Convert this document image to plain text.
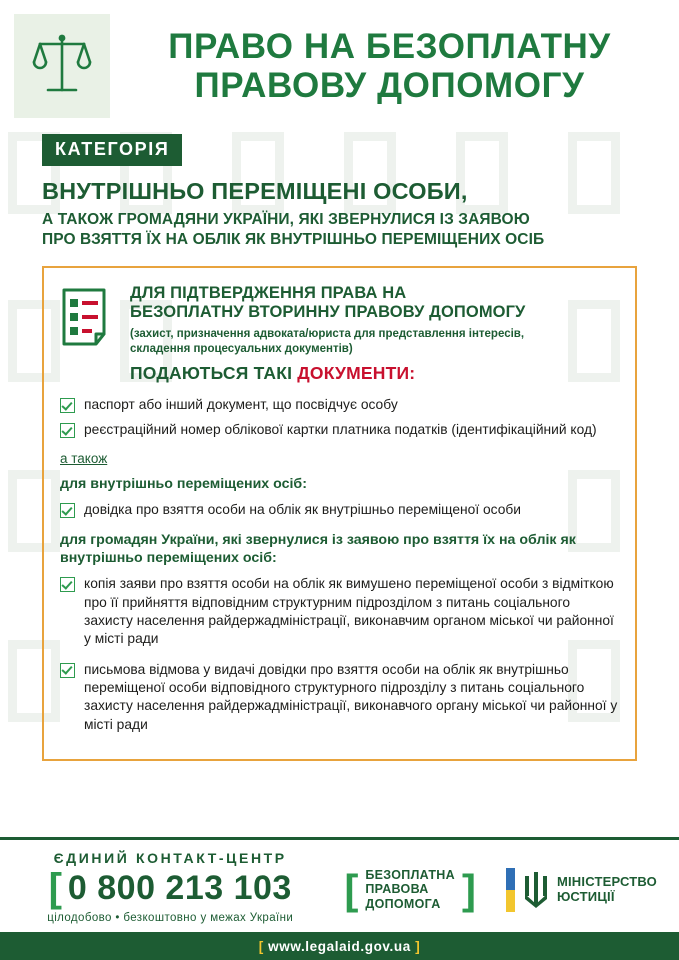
ПРАВО НА БЕЗОПЛАТНУ
ПРАВОВУ ДОПОМОГУ
КАТЕГОРІЯ
ВНУТРІШНЬО ПЕРЕМІЩЕНІ ОСОБИ,
А ТАКОЖ ГРОМАДЯНИ УКРАЇНИ, ЯКІ ЗВЕРНУЛИСЯ ІЗ ЗАЯВОЮ
ПРО ВЗЯТТЯ ЇХ НА ОБЛІК ЯК ВНУТРІШНЬО ПЕРЕМІЩЕНИХ ОСІБ
ДЛЯ ПІДТВЕРДЖЕННЯ ПРАВА НА
БЕЗОПЛАТНУ ВТОРИННУ ПРАВОВУ ДОПОМОГУ
(захист, призначення адвоката/юриста для представлення інтересів,
складення процесуальних документів)
ПОДАЮТЬСЯ ТАКІ ДОКУМЕНТИ:
паспорт або інший документ, що посвідчує особу
реєстраційний номер облікової картки платника податків (ідентифікаційний код)
а також
для внутрішньо переміщених осіб:
довідка про взяття особи на облік як внутрішньо переміщеної особи
для громадян України, які звернулися із заявою про взяття їх на облік як внутрішньо переміщених осіб:
копія заяви про взяття особи на облік як вимушено переміщеної особи з відміткою про її прийняття відповідним структурним підрозділом з питань соціального захисту населення райдержадміністрації, виконавчим органом міської чи районної у місті ради
письмова відмова у видачі довідки про взяття особи на облік як внутрішньо переміщеної особи відповідного структурного підрозділу з питань соціального захисту населення райдержадміністрації, виконавчого органу міської чи районної у місті ради
ЄДИНИЙ КОНТАКТ-ЦЕНТР
[ 0 800 213 103
цілодобово • безкоштовно у межах України
[ БЕЗОПЛАТНА
ПРАВОВА
ДОПОМОГА ]	МІНІСТЕРСТВО
ЮСТИЦІЇ
[ www.legalaid.gov.ua ]
